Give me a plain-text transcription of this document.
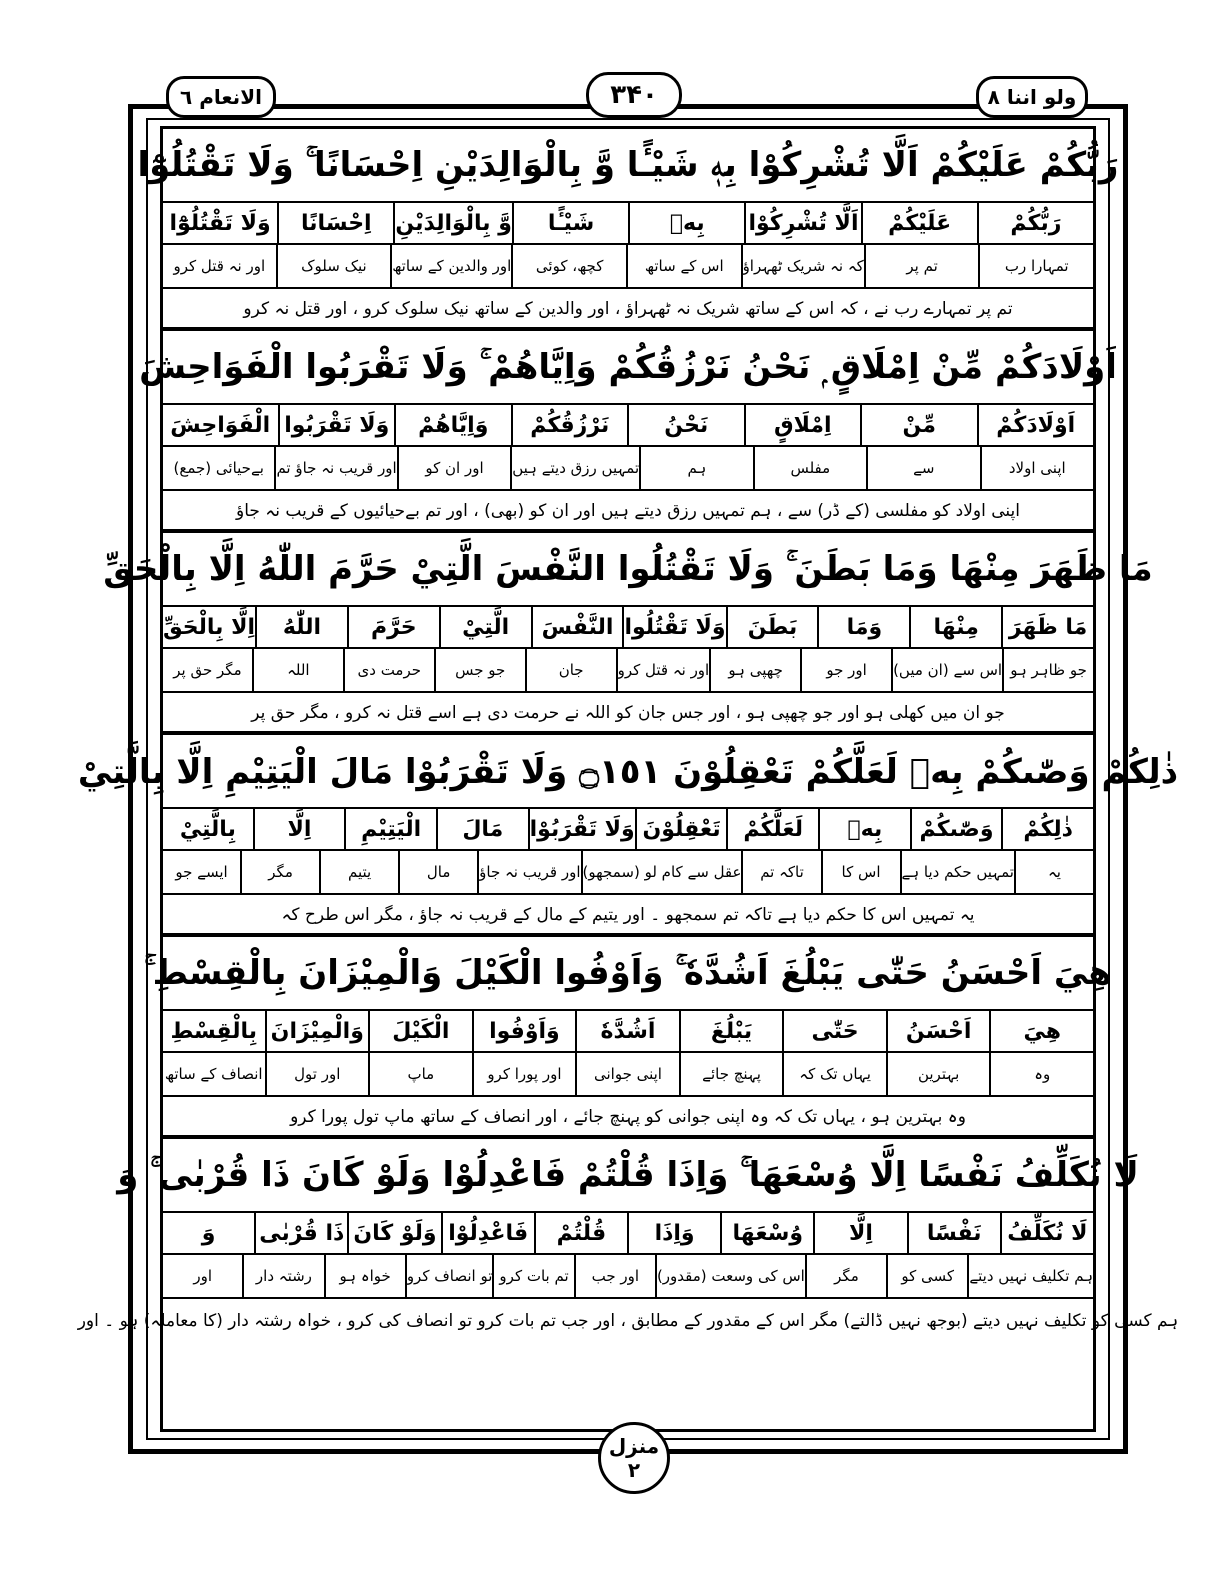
الانعام ٦	۳۴۰	ولو اننا ٨
رَبُّكُمْ عَلَيْكُمْ اَلَّا تُشْرِكُوْا بِهٖ شَيْـًٔا وَّ بِالْوَالِدَيْنِ اِحْسَانًا ۚ وَلَا تَقْتُلُوْٓا
رَبُّكُمْ
عَلَيْكُمْ
اَلَّا تُشْرِكُوْا
بِهٖ
شَيْـًٔا
وَّ بِالْوَالِدَيْنِ
اِحْسَانًا
وَلَا تَقْتُلُوْٓا
تمہارا رب
تم پر
کہ نہ شریک ٹھہراؤ
اس کے ساتھ
کچھ، کوئی
اور والدین کے ساتھ
نیک سلوک
اور نہ قتل کرو
تم پر تمہارے رب نے ، کہ اس کے ساتھ شریک نہ ٹھہراؤ ، اور والدین کے ساتھ نیک سلوک کرو ، اور قتل نہ کرو
اَوْلَادَكُمْ مِّنْ اِمْلَاقٍ ۭ نَحْنُ نَرْزُقُكُمْ وَاِيَّاهُمْ ۚ وَلَا تَقْرَبُوا الْفَوَاحِشَ
اَوْلَادَكُمْ
مِّنْ
اِمْلَاقٍ
نَحْنُ
نَرْزُقُكُمْ
وَاِيَّاهُمْ
وَلَا تَقْرَبُوا
الْفَوَاحِشَ
اپنی اولاد
سے
مفلس
ہم
تمہیں رزق دیتے ہیں
اور ان کو
اور قریب نہ جاؤ تم
بےحیائی (جمع)
اپنی اولاد کو مفلسی (کے ڈر) سے ، ہم تمہیں رزق دیتے ہیں اور ان کو (بھی) ، اور تم بےحیائیوں کے قریب نہ جاؤ
مَا ظَهَرَ مِنْهَا وَمَا بَطَنَ ۚ وَلَا تَقْتُلُوا النَّفْسَ الَّتِيْ حَرَّمَ اللّٰهُ اِلَّا بِالْحَقِّ
مَا ظَهَرَ
مِنْهَا
وَمَا
بَطَنَ
وَلَا تَقْتُلُوا
النَّفْسَ
الَّتِيْ
حَرَّمَ
اللّٰهُ
اِلَّا بِالْحَقِّ
جو ظاہر ہو
اس سے (ان میں)
اور جو
چھپی ہو
اور نہ قتل کرو
جان
جو جس
حرمت دی
اللہ
مگر حق پر
جو ان میں کھلی ہو اور جو چھپی ہو ، اور جس جان کو اللہ نے حرمت دی ہے اسے قتل نہ کرو ، مگر حق پر
ذٰلِكُمْ وَصّٰىكُمْ بِهٖ لَعَلَّكُمْ تَعْقِلُوْنَ ۝١٥١ وَلَا تَقْرَبُوْا مَالَ الْيَتِيْمِ اِلَّا بِالَّتِيْ
ذٰلِكُمْ
وَصّٰىكُمْ
بِهٖ
لَعَلَّكُمْ
تَعْقِلُوْنَ
وَلَا تَقْرَبُوْا
مَالَ
الْيَتِيْمِ
اِلَّا
بِالَّتِيْ
یہ
تمہیں حکم دیا ہے
اس کا
تاکہ تم
عقل سے کام لو (سمجھو)
اور قریب نہ جاؤ
مال
یتیم
مگر
ایسے جو
یہ تمہیں اس کا حکم دیا ہے تاکہ تم سمجھو ۔ اور یتیم کے مال کے قریب نہ جاؤ ، مگر اس طرح کہ
هِيَ اَحْسَنُ حَتّٰى يَبْلُغَ اَشُدَّهٗ ۚ وَاَوْفُوا الْكَيْلَ وَالْمِيْزَانَ بِالْقِسْطِ ۚ
هِيَ
اَحْسَنُ
حَتّٰى
يَبْلُغَ
اَشُدَّهٗ
وَاَوْفُوا
الْكَيْلَ
وَالْمِيْزَانَ
بِالْقِسْطِ
وہ
بہترین
یہاں تک کہ
پہنچ جائے
اپنی جوانی
اور پورا کرو
ماپ
اور تول
انصاف کے ساتھ
وہ بہترین ہو ، یہاں تک کہ وہ اپنی جوانی کو پہنچ جائے ، اور انصاف کے ساتھ ماپ تول پورا کرو
لَا نُكَلِّفُ نَفْسًا اِلَّا وُسْعَهَا ۚ وَاِذَا قُلْتُمْ فَاعْدِلُوْا وَلَوْ كَانَ ذَا قُرْبٰى ۚ وَ
لَا نُكَلِّفُ
نَفْسًا
اِلَّا
وُسْعَهَا
وَاِذَا
قُلْتُمْ
فَاعْدِلُوْا
وَلَوْ كَانَ
ذَا قُرْبٰى
وَ
ہم تکلیف نہیں دیتے
کسی کو
مگر
اس کی وسعت (مقدور)
اور جب
تم بات کرو
تو انصاف کرو
خواہ ہو
رشتہ دار
اور
ہم کسی کو تکلیف نہیں دیتے (بوجھ نہیں ڈالتے) مگر اس کے مقدور کے مطابق ، اور جب تم بات کرو تو انصاف کی کرو ، خواہ رشتہ دار (کا معاملہ) ہو ۔ اور
منزل
۲
